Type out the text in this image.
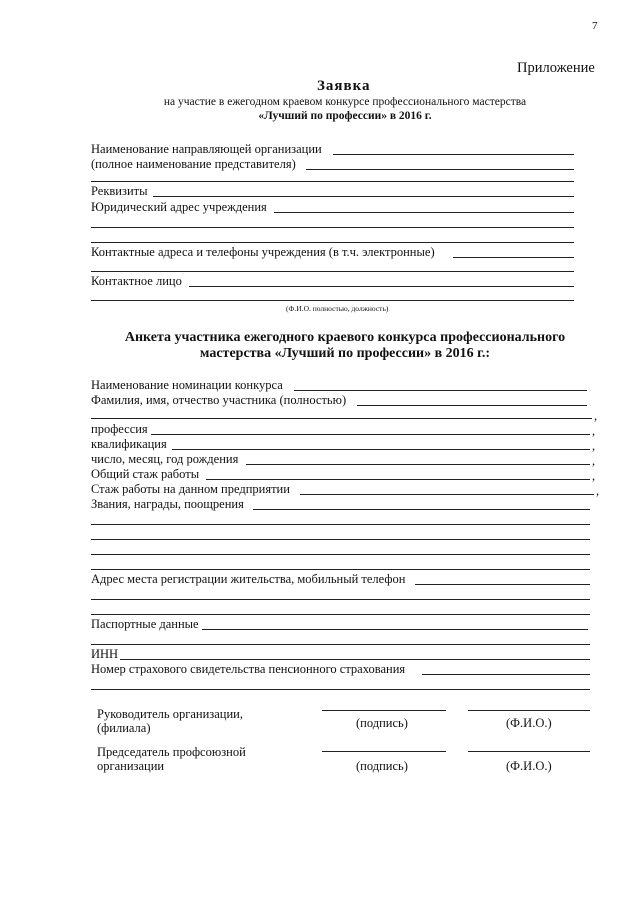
7
Приложение
Заявка
на участие в ежегодном краевом конкурсе профессионального мастерства
«Лучший по профессии» в 2016 г.
Наименование направляющей организации
(полное наименование представителя)
Реквизиты
Юридический адрес учреждения
Контактные адреса и телефоны учреждения (в т.ч. электронные)
Контактное лицо
(Ф.И.О. полностью, должность)
Анкета участника ежегодного краевого конкурса профессионального
мастерства «Лучший по профессии» в 2016 г.:
Наименование номинации конкурса
Фамилия, имя, отчество участника (полностью)
,
профессия	,
квалификация	,
число, месяц, год рождения	,
Общий стаж работы	,
Стаж работы на данном предприятии	,
Звания, награды, поощрения
Адрес места регистрации жительства, мобильный телефон
Паспортные данные
ИНН
Номер страхового свидетельства пенсионного страхования
Руководитель организации,
(филиала)	(подпись)	(Ф.И.О.)
Председатель профсоюзной
организации	(подпись)	(Ф.И.О.)
